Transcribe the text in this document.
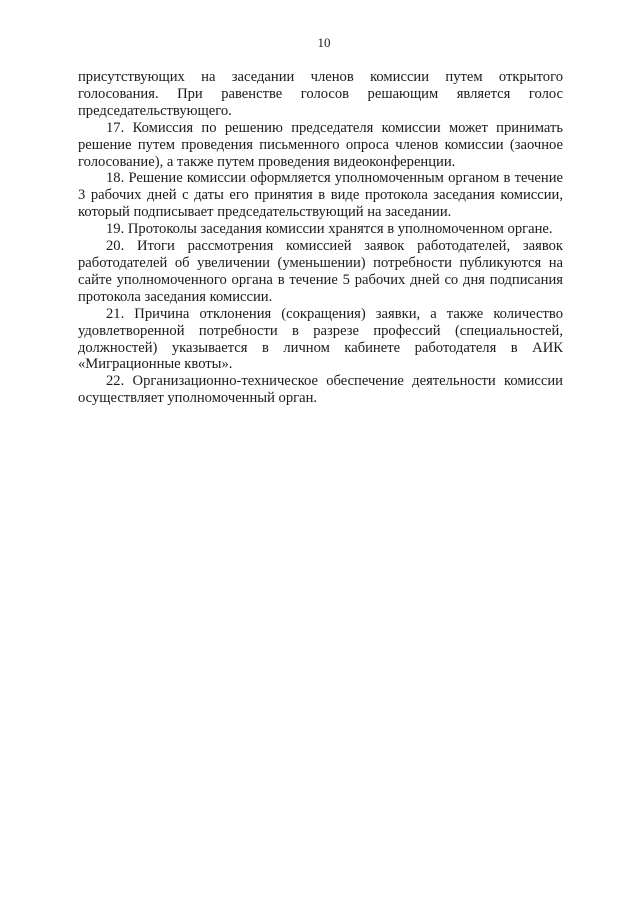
10

присутствующих на заседании членов комиссии путем открытого голосования. При равенстве голосов решающим является голос председательствующего.

17. Комиссия по решению председателя комиссии может принимать решение путем проведения письменного опроса членов комиссии (заочное голосование), а также путем проведения видеоконференции.

18. Решение комиссии оформляется уполномоченным органом в течение 3 рабочих дней с даты его принятия в виде протокола заседания комиссии, который подписывает председательствующий на заседании.

19. Протоколы заседания комиссии хранятся в уполномоченном органе.

20. Итоги рассмотрения комиссией заявок работодателей, заявок работодателей об увеличении (уменьшении) потребности публикуются на сайте уполномоченного органа в течение 5 рабочих дней со дня подписания протокола заседания комиссии.

21. Причина отклонения (сокращения) заявки, а также количество удовлетворенной потребности в разрезе профессий (специальностей, должностей) указывается в личном кабинете работодателя в АИК «Миграционные квоты».

22. Организационно-техническое обеспечение деятельности комиссии осуществляет уполномоченный орган.
